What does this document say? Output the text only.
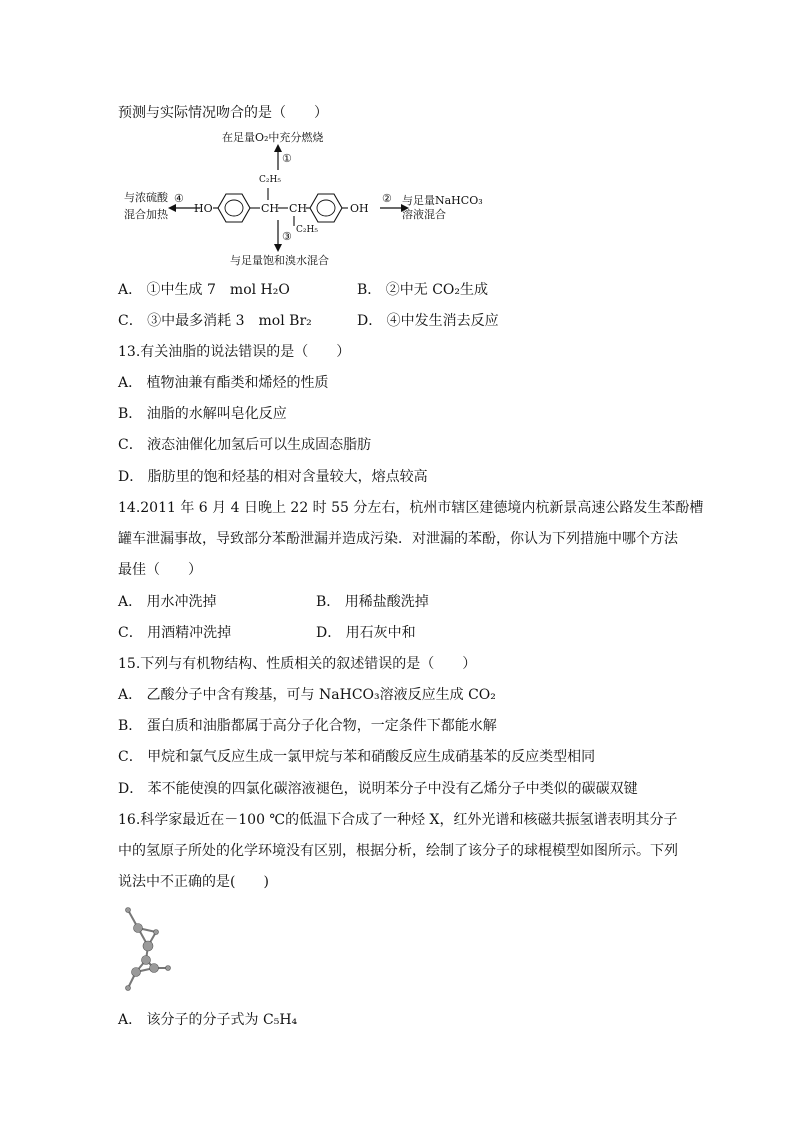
预测与实际情况吻合的是（　　）
在足量O₂中充分燃烧
①
C₂H₅
与浓硫酸 ④
混合加热 HO	CH CH	OH
② 与足量NaHCO₃
溶液混合
C₂H₅
③
与足量饱和溴水混合
A． ①中生成 7　mol H₂O	B． ②中无 CO₂生成
C． ③中最多消耗 3　mol Br₂	D． ④中发生消去反应
13.有关油脂的说法错误的是（　　）
A． 植物油兼有酯类和烯烃的性质
B． 油脂的水解叫皂化反应
C． 液态油催化加氢后可以生成固态脂肪
D． 脂肪里的饱和烃基的相对含量较大，熔点较高
14.2011 年 6 月 4 日晚上 22 时 55 分左右，杭州市辖区建德境内杭新景高速公路发生苯酚槽
罐车泄漏事故，导致部分苯酚泄漏并造成污染．对泄漏的苯酚，你认为下列措施中哪个方法
最佳（　　）
A． 用水冲洗掉	B． 用稀盐酸洗掉
C． 用酒精冲洗掉	D． 用石灰中和
15.下列与有机物结构、性质相关的叙述错误的是（　　）
A． 乙酸分子中含有羧基，可与 NaHCO₃溶液反应生成 CO₂
B． 蛋白质和油脂都属于高分子化合物，一定条件下都能水解
C． 甲烷和氯气反应生成一氯甲烷与苯和硝酸反应生成硝基苯的反应类型相同
D． 苯不能使溴的四氯化碳溶液褪色，说明苯分子中没有乙烯分子中类似的碳碳双键
16.科学家最近在－100 ℃的低温下合成了一种烃 X，红外光谱和核磁共振氢谱表明其分子
中的氢原子所处的化学环境没有区别，根据分析，绘制了该分子的球棍模型如图所示。下列
说法中不正确的是(　　)
A． 该分子的分子式为 C₅H₄
